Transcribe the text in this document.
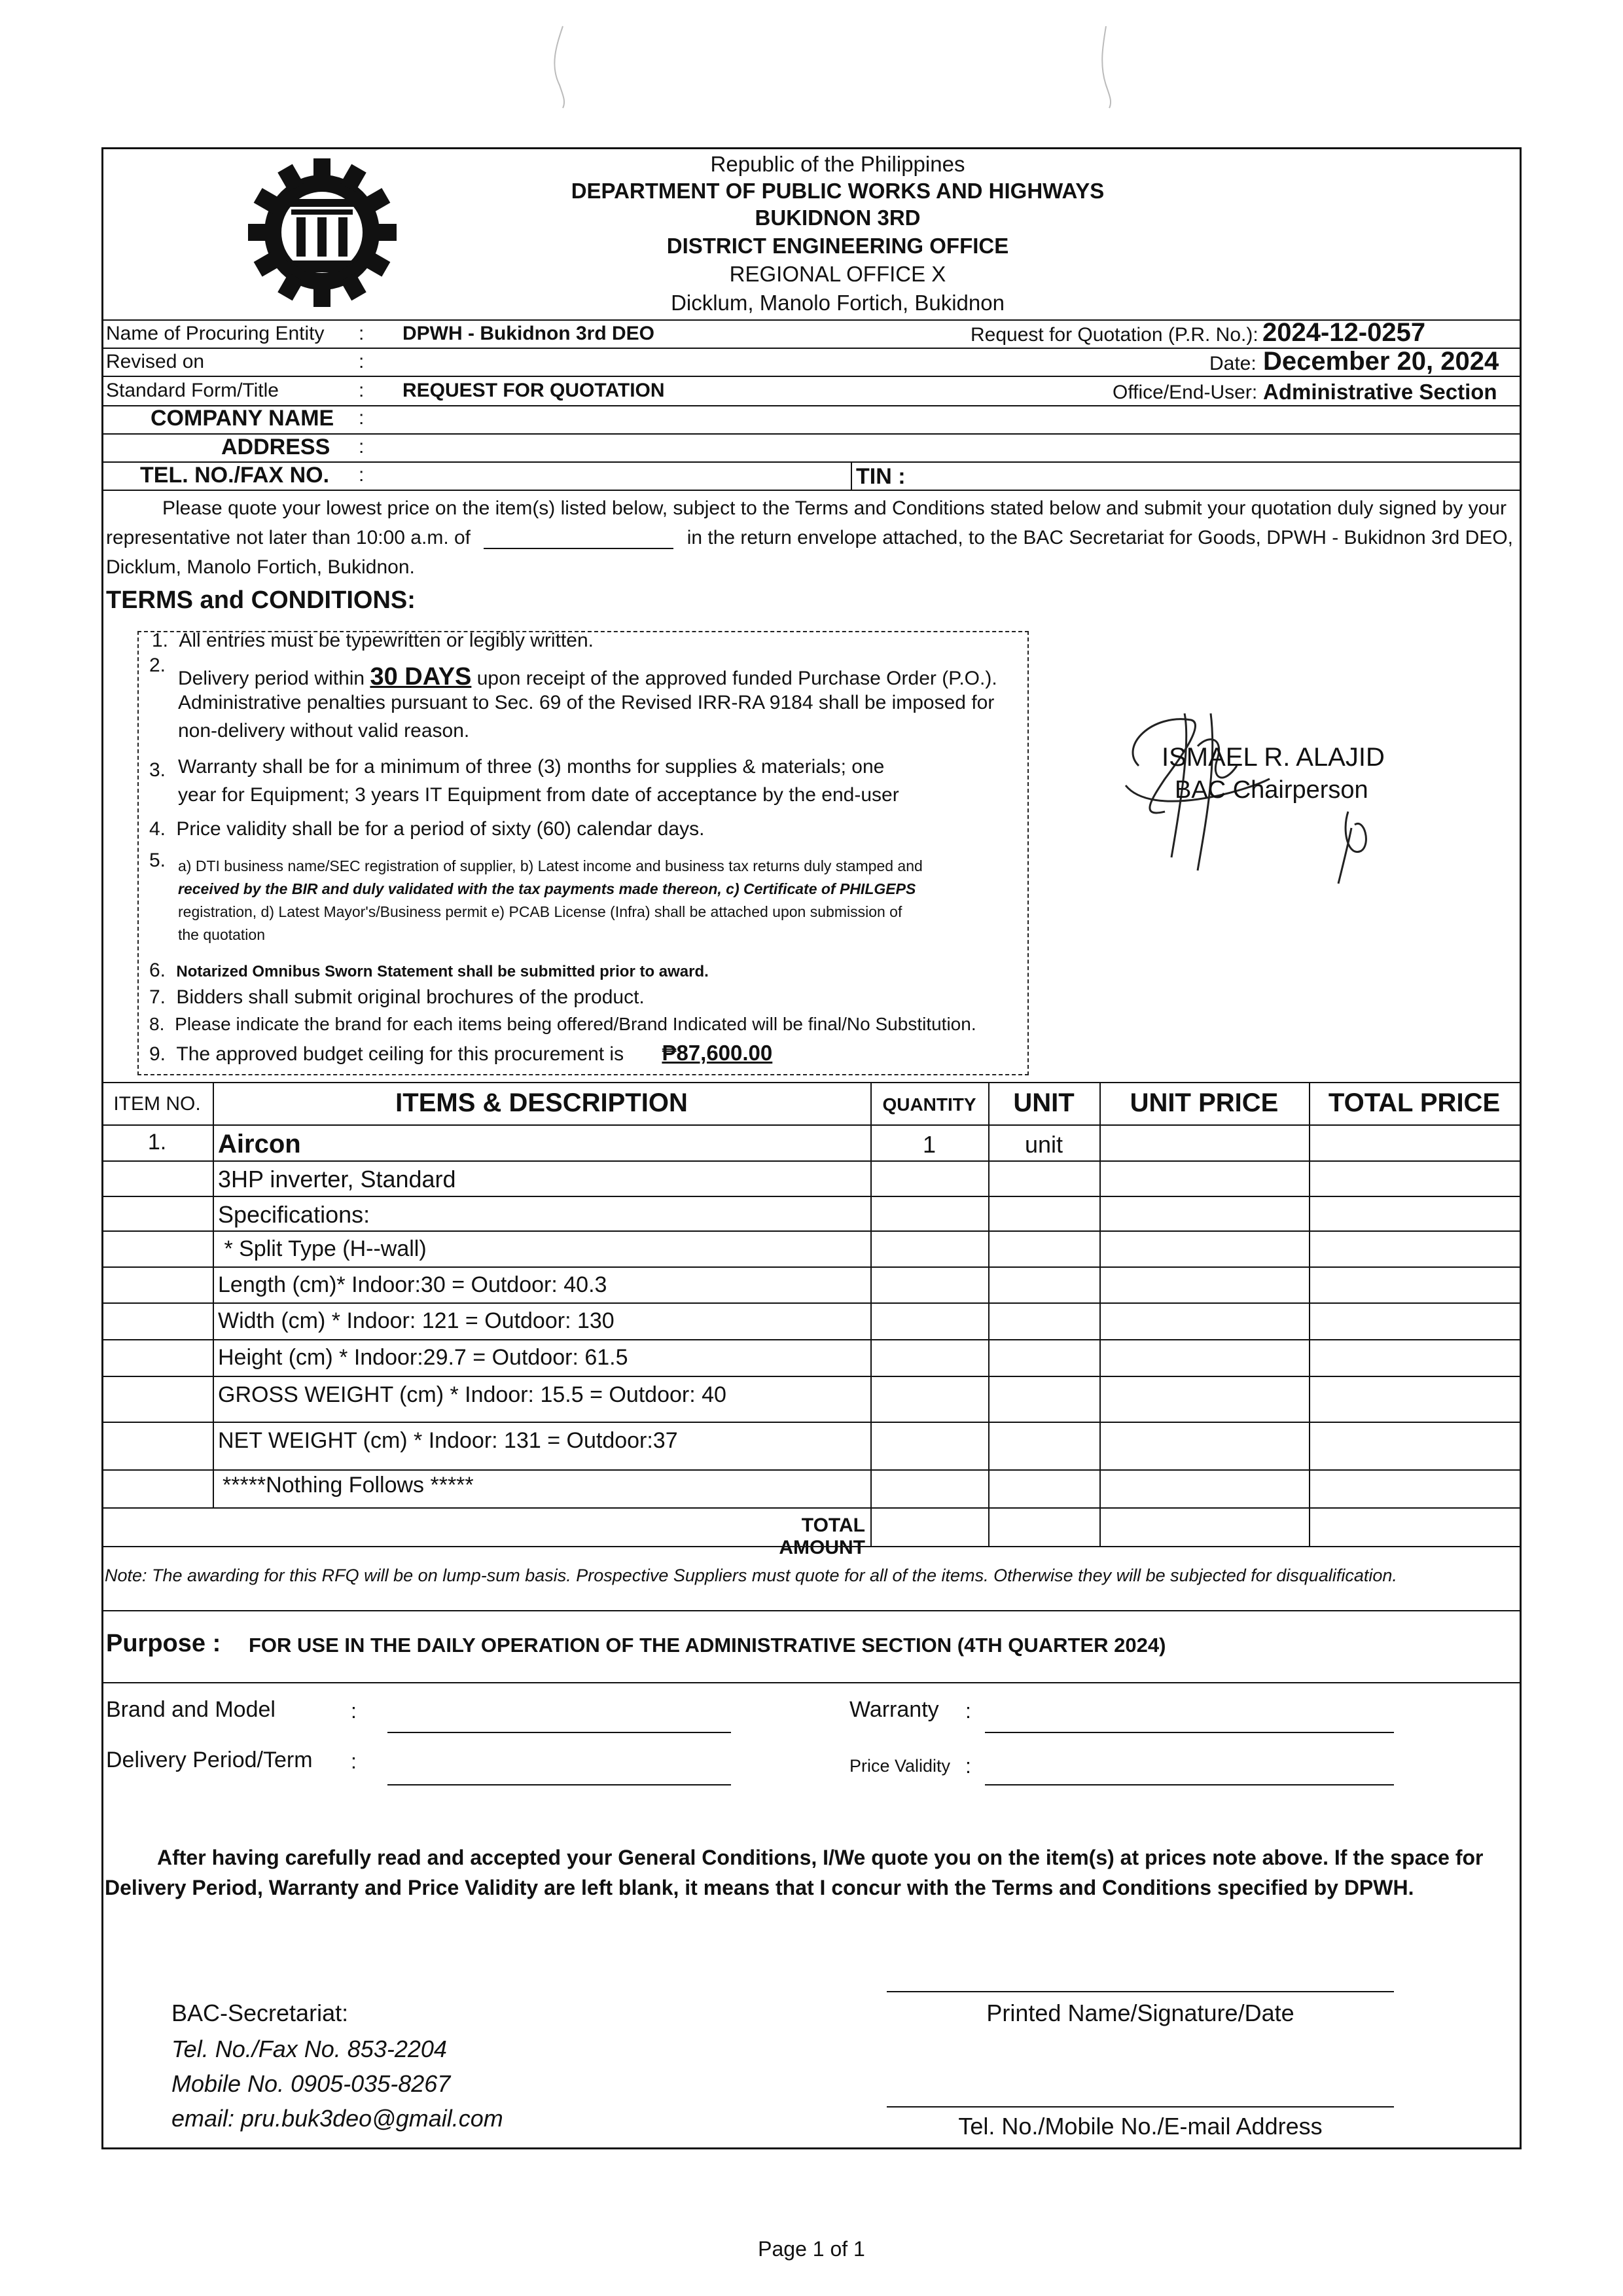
Republic of the Philippines
DEPARTMENT OF PUBLIC WORKS AND HIGHWAYS
BUKIDNON 3RD
DISTRICT ENGINEERING OFFICE
REGIONAL OFFICE X
Dicklum, Manolo Fortich, Bukidnon
Name of Procuring Entity : DPWH - Bukidnon 3rd DEO	Request for Quotation (P.R. No.): 2024-12-0257
Revised on	:	Date: December 20, 2024
Standard Form/Title	: REQUEST FOR QUOTATION	Office/End-User: Administrative Section
COMPANY NAME :
ADDRESS :
TEL. NO./FAX NO. :	TIN :
Please quote your lowest price on the item(s) listed below, subject to the Terms and Conditions stated below and submit your quotation duly signed by your
representative not later than 10:00 a.m. of	in the return envelope attached, to the BAC Secretariat for Goods, DPWH - Bukidnon 3rd DEO,
Dicklum, Manolo Fortich, Bukidnon.
TERMS and CONDITIONS:
1. All entries must be typewritten or legibly written.
2.
Delivery period within 30 DAYS upon receipt of the approved funded Purchase Order (P.O.).
Administrative penalties pursuant to Sec. 69 of the Revised IRR-RA 9184 shall be imposed for
non-delivery without valid reason.
3. Warranty shall be for a minimum of three (3) months for supplies & materials; one
year for Equipment; 3 years IT Equipment from date of acceptance by the end-user
4. Price validity shall be for a period of sixty (60) calendar days.
5. a) DTI business name/SEC registration of supplier, b) Latest income and business tax returns duly stamped and
received by the BIR and duly validated with the tax payments made thereon, c) Certificate of PHILGEPS
registration, d) Latest Mayor's/Business permit e) PCAB License (Infra) shall be attached upon submission of
the quotation
6. Notarized Omnibus Sworn Statement shall be submitted prior to award.
7. Bidders shall submit original brochures of the product.
8. Please indicate the brand for each items being offered/Brand Indicated will be final/No Substitution.
9. The approved budget ceiling for this procurement is ₱87,600.00
ISMAEL R. ALAJID
BAC Chairperson
ITEM NO.	ITEMS & DESCRIPTION	QUANTITY	UNIT	UNIT PRICE	TOTAL PRICE
1.	Aircon	1	unit
3HP inverter, Standard
Specifications:
* Split Type (H--wall)
Length (cm)* Indoor:30 = Outdoor: 40.3
Width (cm) * Indoor: 121 = Outdoor: 130
Height (cm) * Indoor:29.7 = Outdoor: 61.5
GROSS WEIGHT (cm) * Indoor: 15.5 = Outdoor: 40
NET WEIGHT (cm) * Indoor: 131 = Outdoor:37
*****Nothing Follows *****
TOTAL AMOUNT
Note: The awarding for this RFQ will be on lump-sum basis. Prospective Suppliers must quote for all of the items. Otherwise they will be subjected for disqualification.
Purpose : FOR USE IN THE DAILY OPERATION OF THE ADMINISTRATIVE SECTION (4TH QUARTER 2024)
Brand and Model	:
Delivery Period/Term :
Warranty :
Price Validity :
After having carefully read and accepted your General Conditions, I/We quote you on the item(s) at prices note above. If the space for
Delivery Period, Warranty and Price Validity are left blank, it means that I concur with the Terms and Conditions specified by DPWH.
BAC-Secretariat:
Tel. No./Fax No. 853-2204
Mobile No. 0905-035-8267
email: pru.buk3deo@gmail.com
Printed Name/Signature/Date
Tel. No./Mobile No./E-mail Address
Page 1 of 1
